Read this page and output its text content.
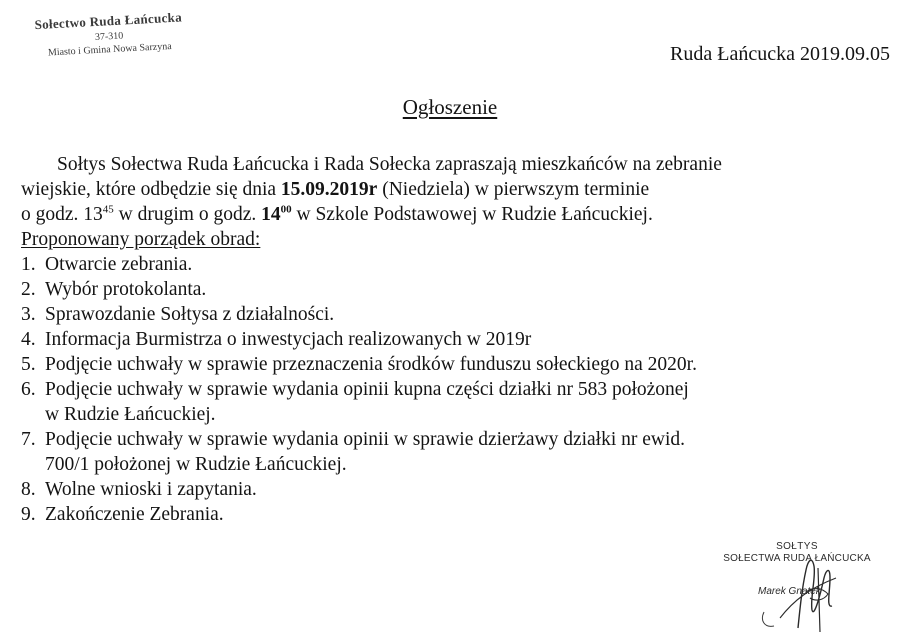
Sołectwo Ruda Łańcucka
37-310
Miasto i Gmina Nowa Sarzyna	Ruda Łańcucka 2019.09.05
Ogłoszenie
Sołtys Sołectwa Ruda Łańcucka i Rada Sołecka zapraszają mieszkańców na zebranie
wiejskie, które odbędzie się dnia 15.09.2019r (Niedziela) w pierwszym terminie
o godz. $13^{45}$ w drugim o godz. $14^{00}$ w Szkole Podstawowej w Rudzie Łańcuckiej.
Proponowany porządek obrad:
1. Otwarcie zebrania.
2. Wybór protokolanta.
3. Sprawozdanie Sołtysa z działalności.
4. Informacja Burmistrza o inwestycjach realizowanych w 2019r
5. Podjęcie uchwały w sprawie przeznaczenia środków funduszu sołeckiego na 2020r.
6. Podjęcie uchwały w sprawie wydania opinii kupna części działki nr 583 położonej
w Rudzie Łańcuckiej.
7. Podjęcie uchwały w sprawie wydania opinii w sprawie dzierżawy działki nr ewid.
700/1 położonej w Rudzie Łańcuckiej.
8. Wolne wnioski i zapytania.
9. Zakończenie Zebrania.
SOŁTYS
SOŁECTWA RUDA ŁAŃCUCKA
Marek Gnatek
